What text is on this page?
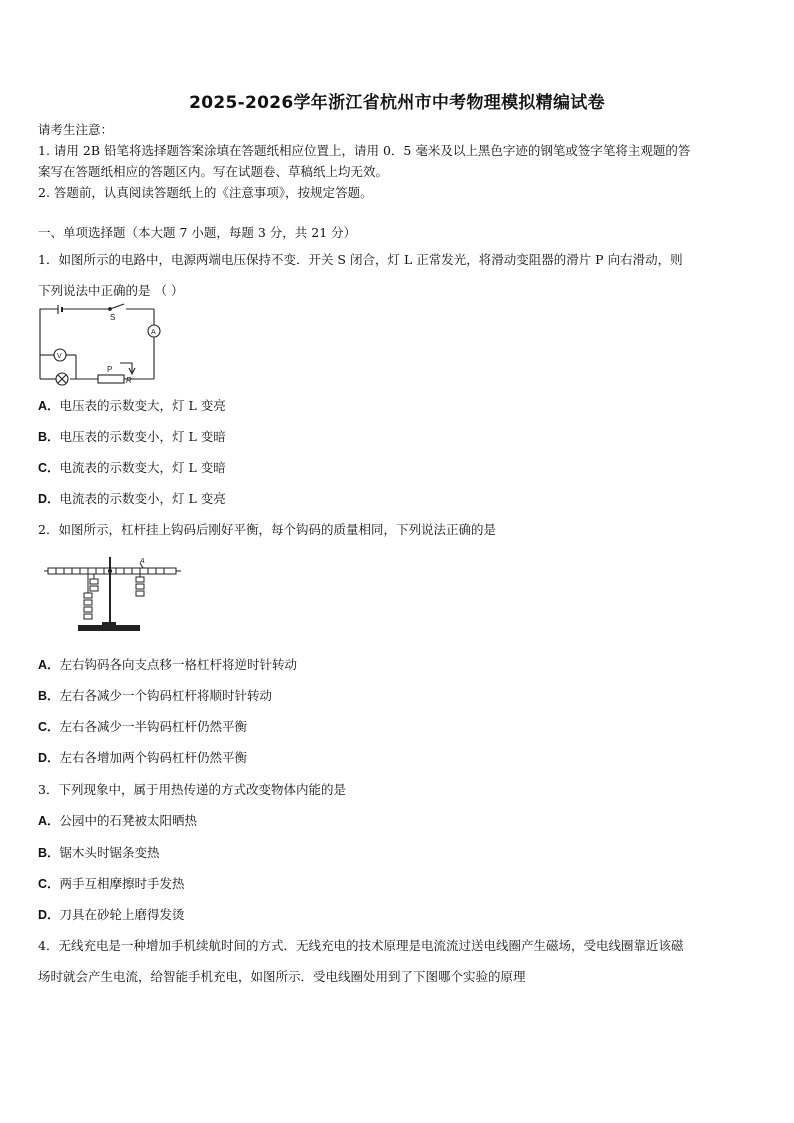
2025-2026学年浙江省杭州市中考物理模拟精编试卷
请考生注意：
1. 请用 2B 铅笔将选择题答案涂填在答题纸相应位置上，请用 0．5 毫米及以上黑色字迹的钢笔或签字笔将主观题的答
案写在答题纸相应的答题区内。写在试题卷、草稿纸上均无效。
2. 答题前，认真阅读答题纸上的《注意事项》，按规定答题。
一、单项选择题（本大题 7 小题，每题 3 分，共 21 分）
1．如图所示的电路中，电源两端电压保持不变．开关 S 闭合，灯 L 正常发光，将滑动变阻器的滑片 P 向右滑动，则
下列说法中正确的是 （ ）
S
A
V
P
R
A．电压表的示数变大，灯 L 变亮
B．电压表的示数变小，灯 L 变暗
C．电流表的示数变大，灯 L 变暗
D．电流表的示数变小，灯 L 变亮
2．如图所示，杠杆挂上钩码后刚好平衡，每个钩码的质量相同，下列说法正确的是
A
A．左右钩码各向支点移一格杠杆将逆时针转动
B．左右各减少一个钩码杠杆将顺时针转动
C．左右各减少一半钩码杠杆仍然平衡
D．左右各增加两个钩码杠杆仍然平衡
3．下列现象中，属于用热传递的方式改变物体内能的是
A．公园中的石凳被太阳晒热
B．锯木头时锯条变热
C．两手互相摩擦时手发热
D．刀具在砂轮上磨得发烫
4．无线充电是一种增加手机续航时间的方式．无线充电的技术原理是电流流过送电线圈产生磁场，受电线圈靠近该磁
场时就会产生电流，给智能手机充电，如图所示．受电线圈处用到了下图哪个实验的原理
